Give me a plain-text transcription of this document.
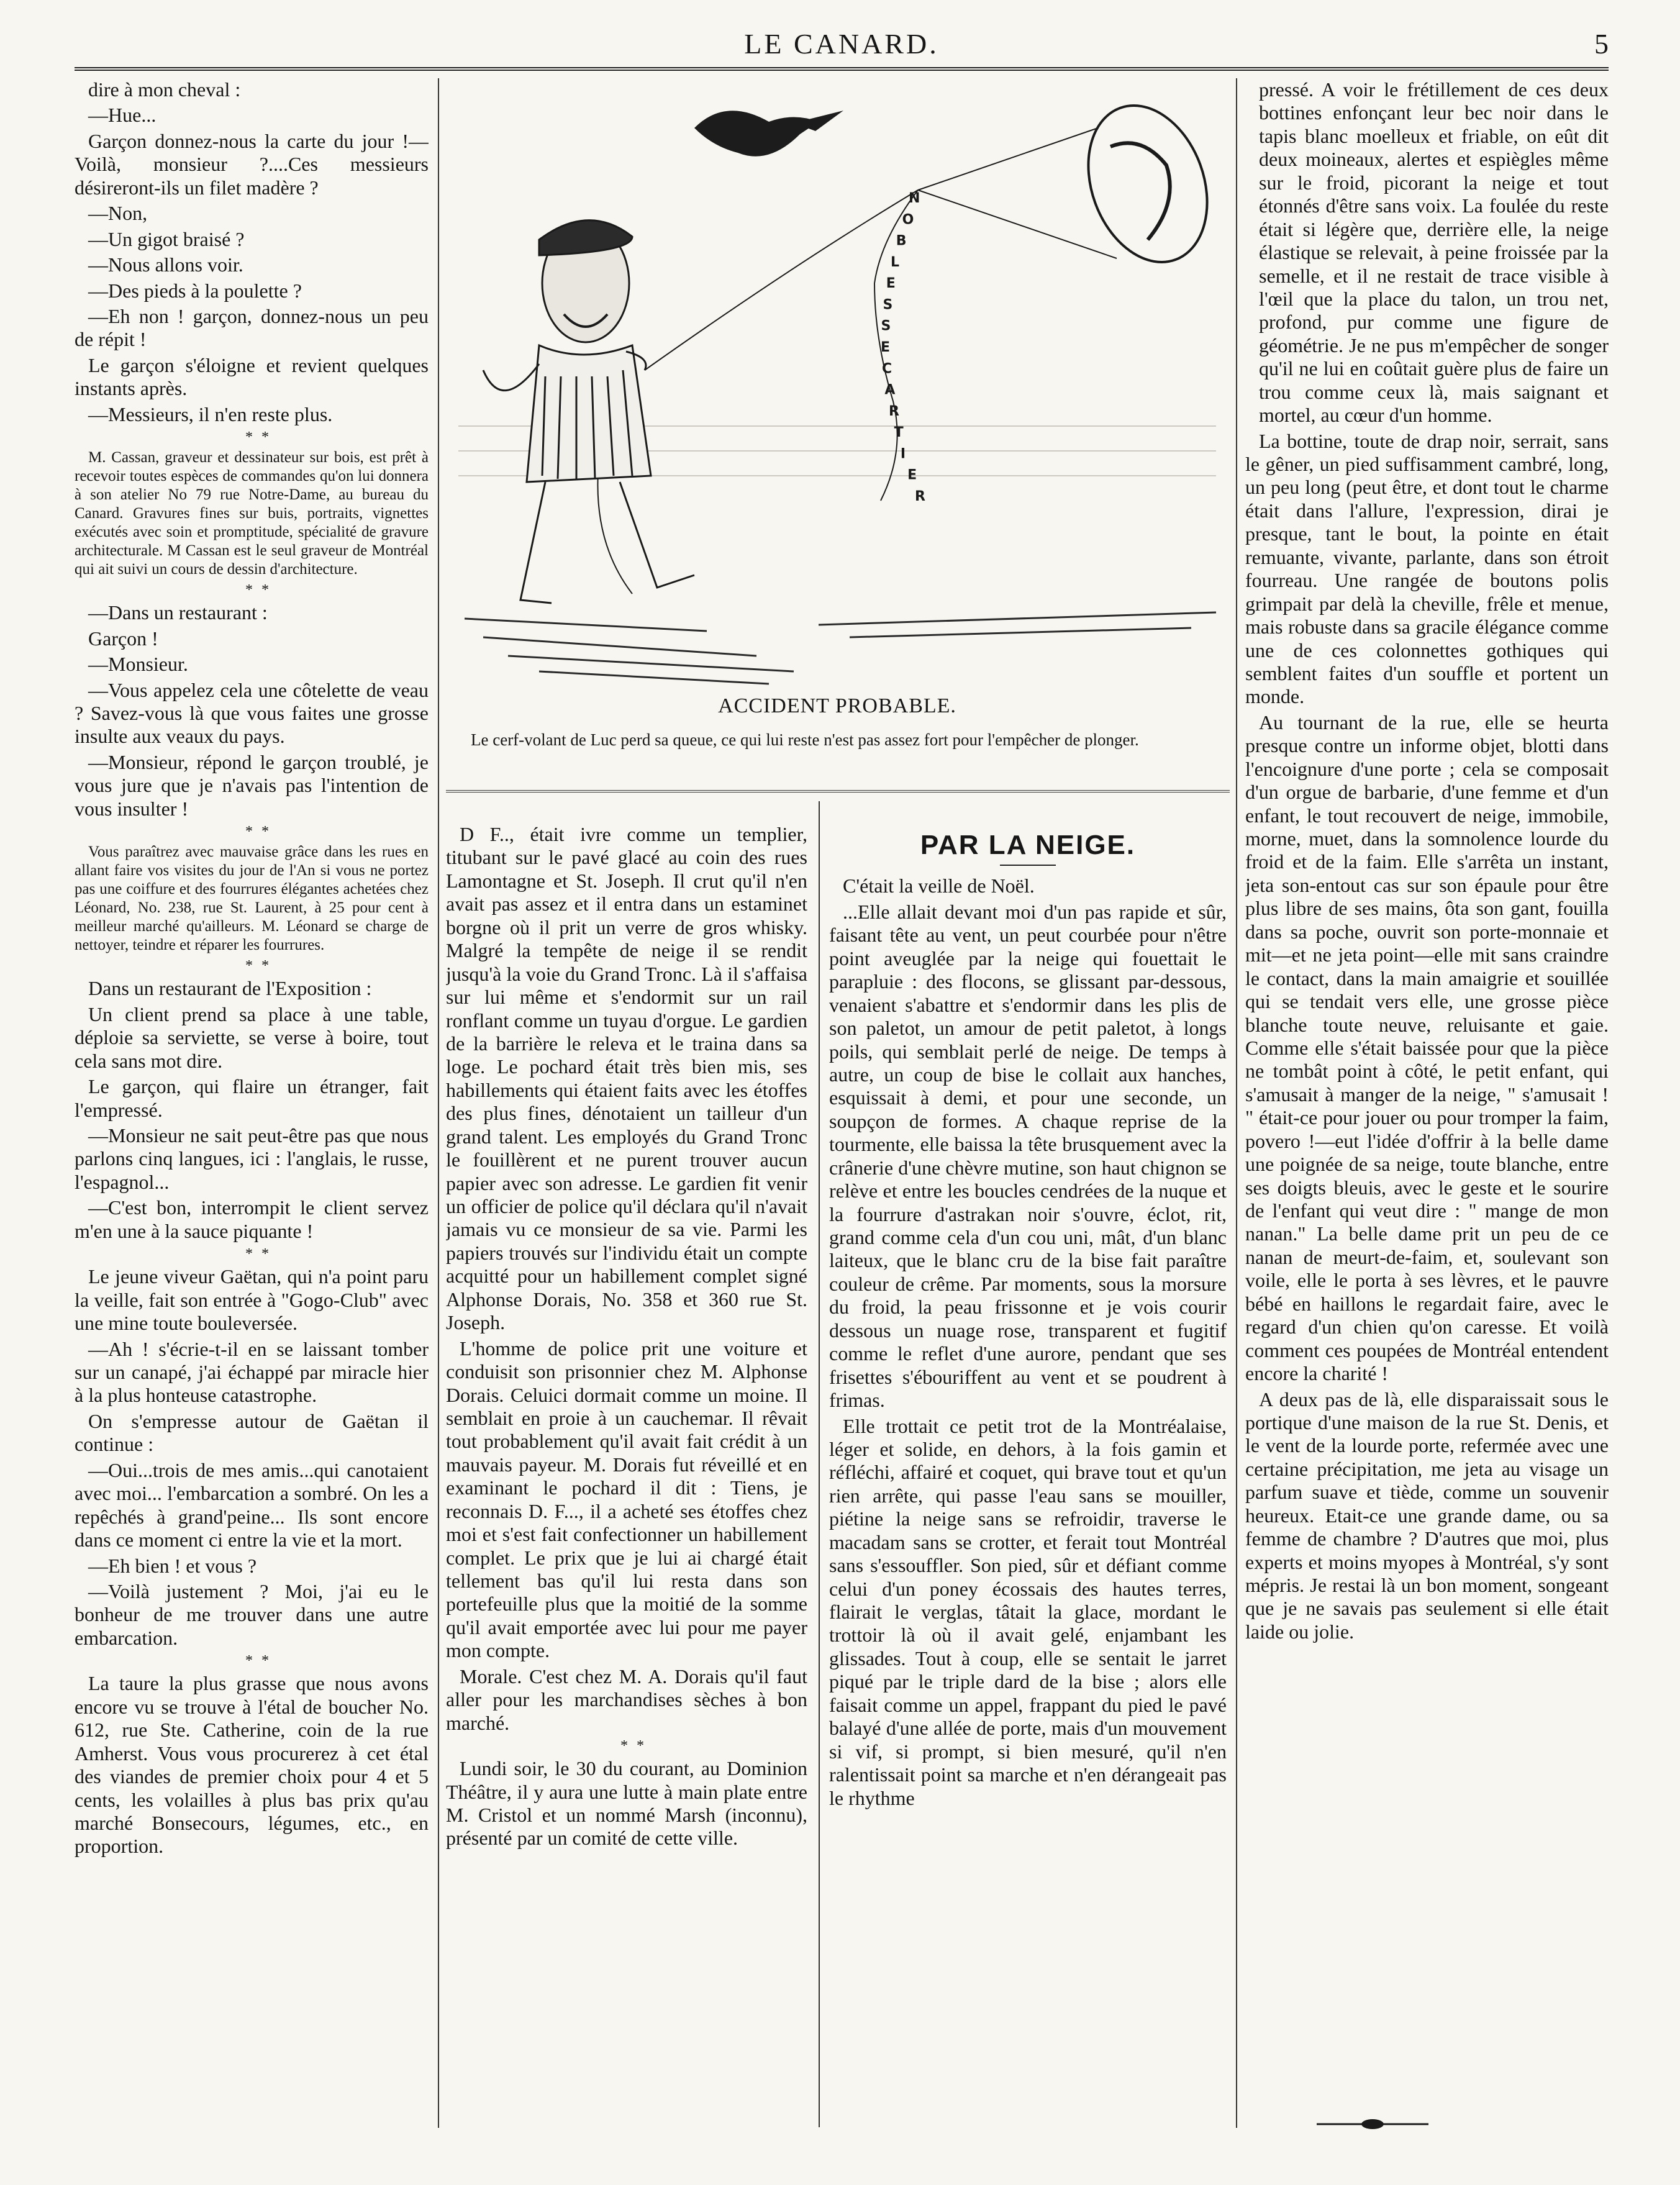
LE CANARD.	5

dire à mon cheval :

—Hue...

Garçon donnez-nous la carte du jour !—Voilà, monsieur ?....Ces messieurs désireront-ils un filet madère ?

—Non,

—Un gigot braisé ?

—Nous allons voir.

—Des pieds à la poulette ?

—Eh non ! garçon, donnez-nous un peu de répit !

Le garçon s'éloigne et revient quelques instants après.

—Messieurs, il n'en reste plus.

* *

M. Cassan, graveur et dessinateur sur bois, est prêt à recevoir toutes espèces de commandes qu'on lui donnera à son atelier No 79 rue Notre-Dame, au bureau du Canard. Gravures fines sur buis, portraits, vignettes exécutés avec soin et promptitude, spécialité de gravure architecturale. M Cassan est le seul graveur de Montréal qui ait suivi un cours de dessin d'architecture.

* *

—Dans un restaurant :

Garçon !

—Monsieur.

—Vous appelez cela une côtelette de veau ? Savez-vous là que vous faites une grosse insulte aux veaux du pays.

—Monsieur, répond le garçon troublé, je vous jure que je n'avais pas l'intention de vous insulter !

* *

Vous paraîtrez avec mauvaise grâce dans les rues en allant faire vos visites du jour de l'An si vous ne portez pas une coiffure et des fourrures élégantes achetées chez Léonard, No. 238, rue St. Laurent, à 25 pour cent à meilleur marché qu'ailleurs. M. Léonard se charge de nettoyer, teindre et réparer les fourrures.

* *

Dans un restaurant de l'Exposition :

Un client prend sa place à une table, déploie sa serviette, se verse à boire, tout cela sans mot dire.

Le garçon, qui flaire un étranger, fait l'empressé.

—Monsieur ne sait peut-être pas que nous parlons cinq langues, ici : l'anglais, le russe, l'espagnol...

—C'est bon, interrompit le client servez m'en une à la sauce piquante !

* *

Le jeune viveur Gaëtan, qui n'a point paru la veille, fait son entrée à "Gogo-Club" avec une mine toute bouleversée.

—Ah ! s'écrie-t-il en se laissant tomber sur un canapé, j'ai échappé par miracle hier à la plus honteuse catastrophe.

On s'empresse autour de Gaëtan il continue :

—Oui...trois de mes amis...qui canotaient avec moi... l'embarcation a sombré. On les a repêchés à grand'peine... Ils sont encore dans ce moment ci entre la vie et la mort.

—Eh bien ! et vous ?

—Voilà justement ? Moi, j'ai eu le bonheur de me trouver dans une autre embarcation.

* *

La taure la plus grasse que nous avons encore vu se trouve à l'étal de boucher No. 612, rue Ste. Catherine, coin de la rue Amherst. Vous vous procurerez à cet étal des viandes de premier choix pour 4 et 5 cents, les volailles à plus bas prix qu'au marché Bonsecours, légumes, etc., en proportion.

N
O
B
L
E
S
S
E
C
A
R
T
I
E
R
ACCIDENT PROBABLE.
Le cerf-volant de Luc perd sa queue, ce qui lui reste n'est pas assez fort pour l'empêcher de plonger.

D F.., était ivre comme un templier, titubant sur le pavé glacé au coin des rues Lamontagne et St. Joseph. Il crut qu'il n'en avait pas assez et il entra dans un estaminet borgne où il prit un verre de gros whisky. Malgré la tempête de neige il se rendit jusqu'à la voie du Grand Tronc. Là il s'affaisa sur lui même et s'endormit sur un rail ronflant comme un tuyau d'orgue. Le gardien de la barrière le releva et le traina dans sa loge. Le pochard était très bien mis, ses habillements qui étaient faits avec les étoffes des plus fines, dénotaient un tailleur d'un grand talent. Les employés du Grand Tronc le fouillèrent et ne purent trouver aucun papier avec son adresse. Le gardien fit venir un officier de police qu'il déclara qu'il n'avait jamais vu ce monsieur de sa vie. Parmi les papiers trouvés sur l'individu était un compte acquitté pour un habillement complet signé Alphonse Dorais, No. 358 et 360 rue St. Joseph.

L'homme de police prit une voiture et conduisit son prisonnier chez M. Alphonse Dorais. Celuici dormait comme un moine. Il semblait en proie à un cauchemar. Il rêvait tout probablement qu'il avait fait crédit à un mauvais payeur. M. Dorais fut réveillé et en examinant le pochard il dit : Tiens, je reconnais D. F..., il a acheté ses étoffes chez moi et s'est fait confectionner un habillement complet. Le prix que je lui ai chargé était tellement bas qu'il lui resta dans son portefeuille plus que la moitié de la somme qu'il avait emportée avec lui pour me payer mon compte.

Morale. C'est chez M. A. Dorais qu'il faut aller pour les marchandises sèches à bon marché.

* *

Lundi soir, le 30 du courant, au Dominion Théâtre, il y aura une lutte à main plate entre M. Cristol et un nommé Marsh (inconnu), présenté par un comité de cette ville.

PAR LA NEIGE.

C'était la veille de Noël.

...Elle allait devant moi d'un pas rapide et sûr, faisant tête au vent, un peut courbée pour n'être point aveuglée par la neige qui fouettait le parapluie : des flocons, se glissant par-dessous, venaient s'abattre et s'endormir dans les plis de son paletot, un amour de petit paletot, à longs poils, qui semblait perlé de neige. De temps à autre, un coup de bise le collait aux hanches, esquissait à demi, et pour une seconde, un soupçon de formes. A chaque reprise de la tourmente, elle baissa la tête brusquement avec la crânerie d'une chèvre mutine, son haut chignon se relève et entre les boucles cendrées de la nuque et la fourrure d'astrakan noir s'ouvre, éclot, rit, grand comme cela d'un cou uni, mât, d'un blanc laiteux, que le blanc cru de la bise fait paraître couleur de crême. Par moments, sous la morsure du froid, la peau frissonne et je vois courir dessous un nuage rose, transparent et fugitif comme le reflet d'une aurore, pendant que ses frisettes s'ébouriffent au vent et se poudrent à frimas.

Elle trottait ce petit trot de la Montréalaise, léger et solide, en dehors, à la fois gamin et réfléchi, affairé et coquet, qui brave tout et qu'un rien arrête, qui passe l'eau sans se mouiller, piétine la neige sans se refroidir, traverse le macadam sans se crotter, et ferait tout Montréal sans s'essouffler. Son pied, sûr et défiant comme celui d'un poney écossais des hautes terres, flairait le verglas, tâtait la glace, mordant le trottoir là où il avait gelé, enjambant les glissades. Tout à coup, elle se sentait le jarret piqué par le triple dard de la bise ; alors elle faisait comme un appel, frappant du pied le pavé balayé d'une allée de porte, mais d'un mouvement si vif, si prompt, si bien mesuré, qu'il n'en ralentissait point sa marche et n'en dérangeait pas le rhythme

pressé. A voir le frétillement de ces deux bottines enfonçant leur bec noir dans le tapis blanc moelleux et friable, on eût dit deux moineaux, alertes et espiègles même sur le froid, picorant la neige et tout étonnés d'être sans voix. La foulée du reste était si légère que, derrière elle, la neige élastique se relevait, à peine froissée par la semelle, et il ne restait de trace visible à l'œil que la place du talon, un trou net, profond, pur comme une figure de géométrie. Je ne pus m'empêcher de songer qu'il ne lui en coûtait guère plus de faire un trou comme ceux là, mais saignant et mortel, au cœur d'un homme.

La bottine, toute de drap noir, serrait, sans le gêner, un pied suffisamment cambré, long, un peu long (peut être, et dont tout le charme était dans l'allure, l'expression, dirai je presque, tant le bout, la pointe en était remuante, vivante, parlante, dans son étroit fourreau. Une rangée de boutons polis grimpait par delà la cheville, frêle et menue, mais robuste dans sa gracile élégance comme une de ces colonnettes gothiques qui semblent faites d'un souffle et portent un monde.

Au tournant de la rue, elle se heurta presque contre un informe objet, blotti dans l'encoignure d'une porte ; cela se composait d'un orgue de barbarie, d'une femme et d'un enfant, le tout recouvert de neige, immobile, morne, muet, dans la somnolence lourde du froid et de la faim. Elle s'arrêta un instant, jeta son-entout cas sur son épaule pour être plus libre de ses mains, ôta son gant, fouilla dans sa poche, ouvrit son porte-monnaie et mit—et ne jeta point—elle mit sans craindre le contact, dans la main amaigrie et souillée qui se tendait vers elle, une grosse pièce blanche toute neuve, reluisante et gaie. Comme elle s'était baissée pour que la pièce ne tombât point à côté, le petit enfant, qui s'amusait à manger de la neige, " s'amusait ! " était-ce pour jouer ou pour tromper la faim, povero !—eut l'idée d'offrir à la belle dame une poignée de sa neige, toute blanche, entre ses doigts bleuis, avec le geste et le sourire de l'enfant qui veut dire : " mange de mon nanan." La belle dame prit un peu de ce nanan de meurt-de-faim, et, soulevant son voile, elle le porta à ses lèvres, et le pauvre bébé en haillons le regardait faire, avec le regard d'un chien qu'on caresse. Et voilà comment ces poupées de Montréal entendent encore la charité !

A deux pas de là, elle disparaissait sous le portique d'une maison de la rue St. Denis, et le vent de la lourde porte, refermée avec une certaine précipitation, me jeta au visage un parfum suave et tiède, comme un souvenir heureux. Etait-ce une grande dame, ou sa femme de chambre ? D'autres que moi, plus experts et moins myopes à Montréal, s'y sont mépris. Je restai là un bon moment, songeant que je ne savais pas seulement si elle était laide ou jolie.
